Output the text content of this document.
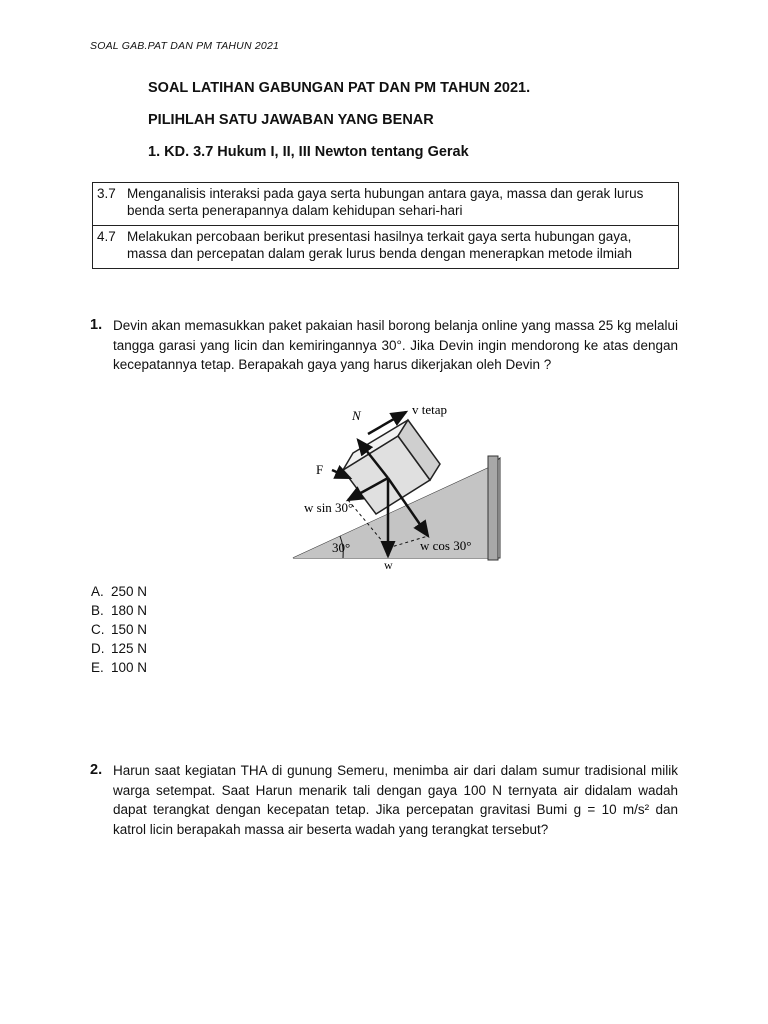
SOAL GAB.PAT DAN PM TAHUN 2021
SOAL LATIHAN GABUNGAN PAT DAN PM TAHUN 2021.
PILIHLAH SATU JAWABAN YANG BENAR
1. KD. 3.7 Hukum I, II, III Newton tentang Gerak
3.7 Menganalisis interaksi pada gaya serta hubungan antara gaya, massa dan gerak lurus benda serta penerapannya dalam kehidupan sehari-hari
4.7 Melakukan percobaan berikut presentasi hasilnya terkait gaya serta hubungan gaya, massa dan percepatan dalam gerak lurus benda dengan menerapkan metode ilmiah
1. Devin akan memasukkan paket pakaian hasil borong belanja online yang massa 25 kg melalui tangga garasi yang licin dan kemiringannya 30°. Jika Devin ingin mendorong ke atas dengan kecepatannya tetap. Berapakah gaya yang harus dikerjakan oleh Devin ?
N	v tetap
F
w sin 30°
30°	w cos 30°
w
A. 250 N
B. 180 N
C. 150 N
D. 125 N
E. 100 N
2. Harun saat kegiatan THA di gunung Semeru, menimba air dari dalam sumur tradisional milik warga setempat. Saat Harun menarik tali dengan gaya 100 N ternyata air didalam wadah dapat terangkat dengan kecepatan tetap. Jika percepatan gravitasi Bumi g = 10 m/s² dan katrol licin berapakah massa air beserta wadah yang terangkat tersebut?
